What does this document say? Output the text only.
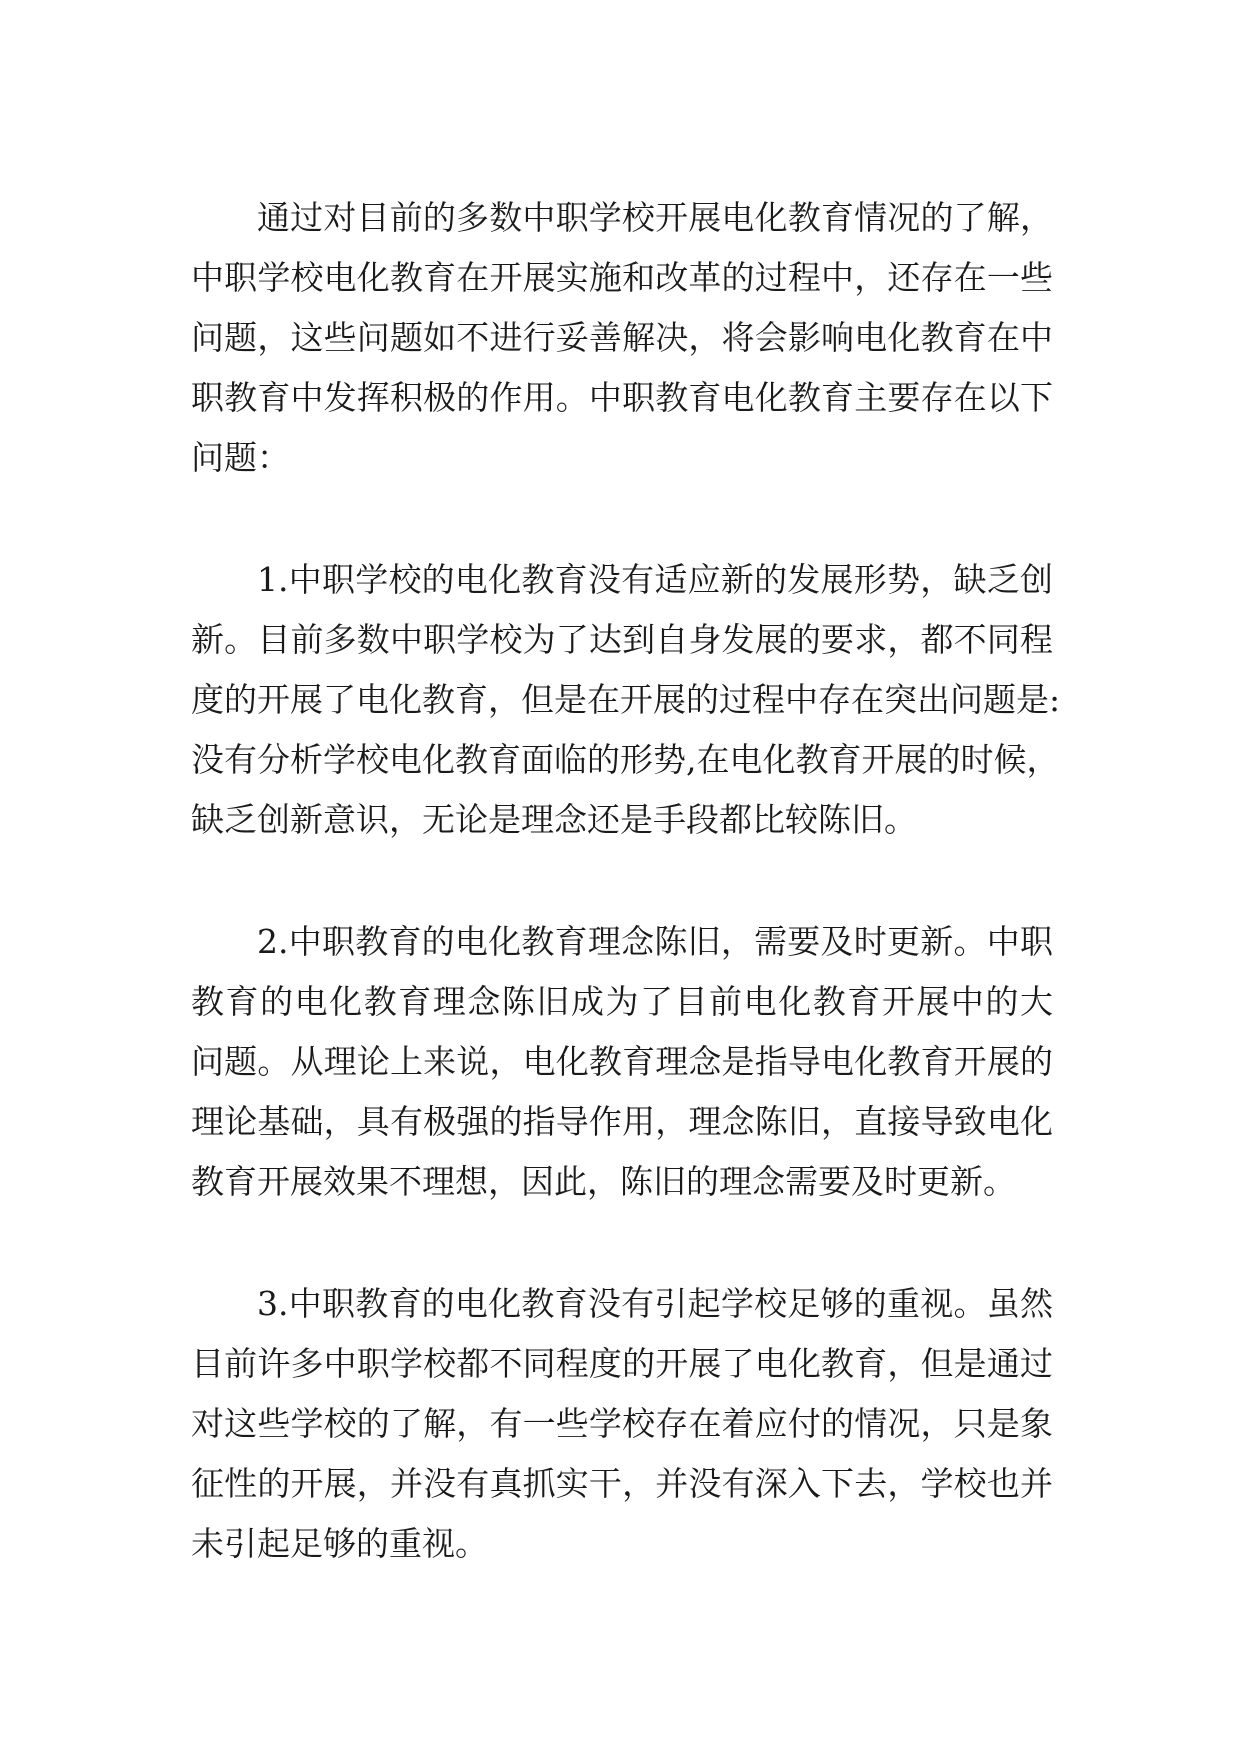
通过对目前的多数中职学校开展电化教育情况的了解，
中职学校电化教育在开展实施和改革的过程中，还存在一些
问题，这些问题如不进行妥善解决，将会影响电化教育在中
职教育中发挥积极的作用。中职教育电化教育主要存在以下
问题：
1.中职学校的电化教育没有适应新的发展形势，缺乏创
新。目前多数中职学校为了达到自身发展的要求，都不同程
度的开展了电化教育，但是在开展的过程中存在突出问题是:
没有分析学校电化教育面临的形势,在电化教育开展的时候，
缺乏创新意识，无论是理念还是手段都比较陈旧。
2.中职教育的电化教育理念陈旧，需要及时更新。中职
教育的电化教育理念陈旧成为了目前电化教育开展中的大
问题。从理论上来说，电化教育理念是指导电化教育开展的
理论基础，具有极强的指导作用，理念陈旧，直接导致电化
教育开展效果不理想，因此，陈旧的理念需要及时更新。
3.中职教育的电化教育没有引起学校足够的重视。虽然
目前许多中职学校都不同程度的开展了电化教育，但是通过
对这些学校的了解，有一些学校存在着应付的情况，只是象
征性的开展，并没有真抓实干，并没有深入下去，学校也并
未引起足够的重视。
